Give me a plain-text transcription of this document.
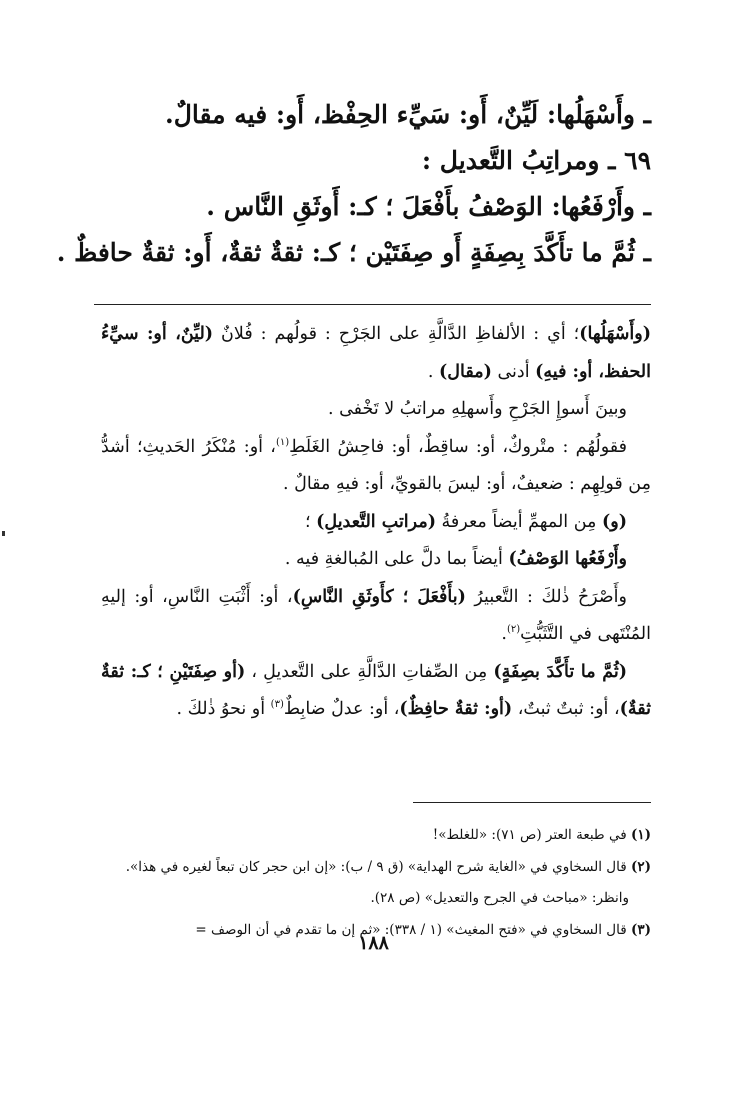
ـ وأَسْهَلُها: لَيِّنٌ، أَو: سَيِّء الحِفْظ، أَو: فيه مقالٌ.
٦٩ ـ ومراتِبُ التَّعديل :
ـ وأَرْفَعُها: الوَصْفُ بأَفْعَلَ ؛ كـ: أَوثَقِ النَّاس .
ـ ثُمَّ ما تأَكَّدَ بِصِفَةٍ أَو صِفَتَيْن ؛ كـ: ثقةٌ ثقةٌ، أَو: ثقةٌ حافظٌ .

(وأَسْهَلُها)؛ أي : الألفاظِ الدَّالَّةِ على الجَرْحِ : قولُهم : فُلانٌ (ليِّنٌ، أو: سيِّءُ الحفظ، أو: فيهِ) أدنى (مقال) .

وبينَ أَسوإِ الجَرْحِ وأَسهلِهِ مراتبُ لا تَخْفى .

فقولُهُم : متْروكٌ، أو: ساقِطٌ، أو: فاحِشُ الغَلَطِ$^{(١)}$، أو: مُنْكَرُ الحَديثِ؛ أشدُّ مِن قولِهِم : ضعيفٌ، أو: ليسَ بالقويِّ، أو: فيهِ مقالٌ .

(و) مِن المهمِّ أيضاً معرفةُ (مراتبِ التَّعديلِ) ؛

وأَرْفَعُها الوَصْفُ) أيضاً بما دلَّ على المُبالغةِ فيه .

وأَصْرَحُ ذٰلكَ : التَّعبيرُ (بأَفْعَلَ ؛ كأَوثَقِ النَّاسِ)، أو: أَثْبَتِ النَّاسِ، أو: إليهِ المُنْتَهى في التَّثَبُّتِ$^{(٢)}$.

(ثُمَّ ما تأَكَّدَ بصِفَةٍ) مِن الصِّفاتِ الدَّالَّةِ على التَّعديلِ ، (أو صِفَتَيْنِ ؛ كـ: ثقةٌ ثقةٌ)، أو: ثبتٌ ثبتٌ، (أو: ثقةٌ حافِظٌ)، أو: عدلٌ ضابِطٌ$^{(٣)}$ أو نحوُ ذٰلكَ .

(١) في طبعة العتر (ص ٧١): «للغلط»!

(٢) قال السخاوي في «الغاية شرح الهداية» (ق ٩ / ب): «إن ابن حجر كان تبعاً لغيره في هذا».

وانظر: «مباحث في الجرح والتعديل» (ص ٢٨).

(٣) قال السخاوي في «فتح المغيث» (١ / ٣٣٨): «ثم إن ما تقدم في أن الوصف =

١٨٨
